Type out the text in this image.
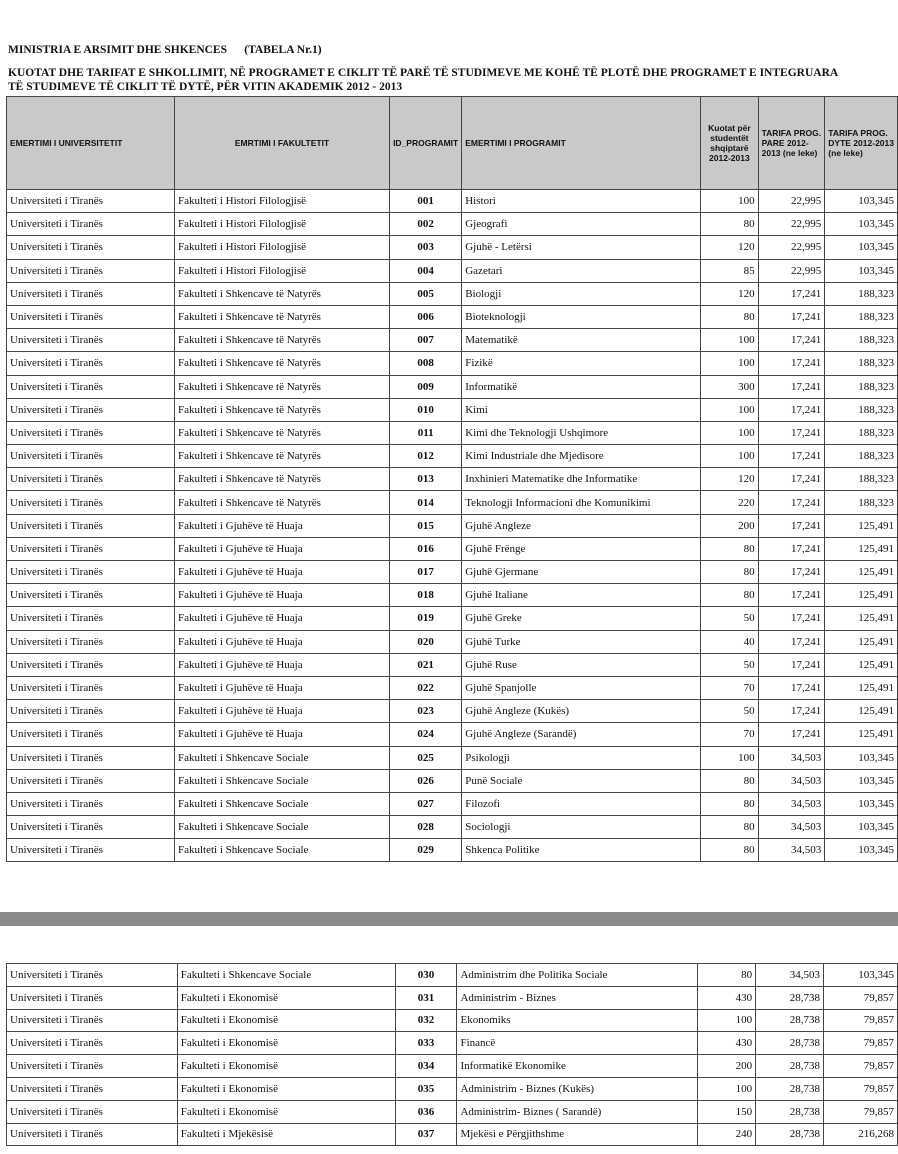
MINISTRIA E ARSIMIT DHE SHKENCES (TABELA Nr.1)
KUOTAT DHE TARIFAT E SHKOLLIMIT, NË PROGRAMET E CIKLIT TË PARË TË STUDIMEVE ME KOHË TË PLOTË DHE PROGRAMET E INTEGRUARA
TË STUDIMEVE TË CIKLIT TË DYTË, PËR VITIN AKADEMIK 2012 - 2013
EMERTIMI I UNIVERSITETIT	EMRTIMI I FAKULTETIT	ID_PROGRAMIT	EMERTIMI I PROGRAMIT	Kuotat për studentët shqiptarë 2012-2013	TARIFA PROG. PARE 2012-2013 (ne leke)	TARIFA PROG. DYTE 2012-2013 (ne leke)
Universiteti i Tiranës	Fakulteti i Histori Filologjisë	001	Histori	100	22,995	103,345
Universiteti i Tiranës	Fakulteti i Histori Filologjisë	002	Gjeografi	80	22,995	103,345
Universiteti i Tiranës	Fakulteti i Histori Filologjisë	003	Gjuhë - Letërsi	120	22,995	103,345
Universiteti i Tiranës	Fakulteti i Histori Filologjisë	004	Gazetari	85	22,995	103,345
Universiteti i Tiranës	Fakulteti i Shkencave të Natyrës	005	Biologji	120	17,241	188,323
Universiteti i Tiranës	Fakulteti i Shkencave të Natyrës	006	Bioteknologji	80	17,241	188,323
Universiteti i Tiranës	Fakulteti i Shkencave të Natyrës	007	Matematikë	100	17,241	188,323
Universiteti i Tiranës	Fakulteti i Shkencave të Natyrës	008	Fizikë	100	17,241	188,323
Universiteti i Tiranës	Fakulteti i Shkencave të Natyrës	009	Informatikë	300	17,241	188,323
Universiteti i Tiranës	Fakulteti i Shkencave të Natyrës	010	Kimi	100	17,241	188,323
Universiteti i Tiranës	Fakulteti i Shkencave të Natyrës	011	Kimi dhe Teknologji Ushqimore	100	17,241	188,323
Universiteti i Tiranës	Fakulteti i Shkencave të Natyrës	012	Kimi Industriale dhe Mjedisore	100	17,241	188,323
Universiteti i Tiranës	Fakulteti i Shkencave të Natyrës	013	Inxhinieri Matematike dhe Informatike	120	17,241	188,323
Universiteti i Tiranës	Fakulteti i Shkencave të Natyrës	014	Teknologji Informacioni dhe Komunikimi	220	17,241	188,323
Universiteti i Tiranës	Fakulteti i Gjuhëve të Huaja	015	Gjuhë Angleze	200	17,241	125,491
Universiteti i Tiranës	Fakulteti i Gjuhëve të Huaja	016	Gjuhë Frënge	80	17,241	125,491
Universiteti i Tiranës	Fakulteti i Gjuhëve të Huaja	017	Gjuhë Gjermane	80	17,241	125,491
Universiteti i Tiranës	Fakulteti i Gjuhëve të Huaja	018	Gjuhë Italiane	80	17,241	125,491
Universiteti i Tiranës	Fakulteti i Gjuhëve të Huaja	019	Gjuhë Greke	50	17,241	125,491
Universiteti i Tiranës	Fakulteti i Gjuhëve të Huaja	020	Gjuhë Turke	40	17,241	125,491
Universiteti i Tiranës	Fakulteti i Gjuhëve të Huaja	021	Gjuhë Ruse	50	17,241	125,491
Universiteti i Tiranës	Fakulteti i Gjuhëve të Huaja	022	Gjuhë Spanjolle	70	17,241	125,491
Universiteti i Tiranës	Fakulteti i Gjuhëve të Huaja	023	Gjuhë Angleze (Kukës)	50	17,241	125,491
Universiteti i Tiranës	Fakulteti i Gjuhëve të Huaja	024	Gjuhë Angleze (Sarandë)	70	17,241	125,491
Universiteti i Tiranës	Fakulteti i Shkencave Sociale	025	Psikologji	100	34,503	103,345
Universiteti i Tiranës	Fakulteti i Shkencave Sociale	026	Punë Sociale	80	34,503	103,345
Universiteti i Tiranës	Fakulteti i Shkencave Sociale	027	Filozofi	80	34,503	103,345
Universiteti i Tiranës	Fakulteti i Shkencave Sociale	028	Sociologji	80	34,503	103,345
Universiteti i Tiranës	Fakulteti i Shkencave Sociale	029	Shkenca Politike	80	34,503	103,345
Universiteti i Tiranës	Fakulteti i Shkencave Sociale	030	Administrim dhe Politika Sociale	80	34,503	103,345
Universiteti i Tiranës	Fakulteti i Ekonomisë	031	Administrim - Biznes	430	28,738	79,857
Universiteti i Tiranës	Fakulteti i Ekonomisë	032	Ekonomiks	100	28,738	79,857
Universiteti i Tiranës	Fakulteti i Ekonomisë	033	Financë	430	28,738	79,857
Universiteti i Tiranës	Fakulteti i Ekonomisë	034	Informatikë Ekonomike	200	28,738	79,857
Universiteti i Tiranës	Fakulteti i Ekonomisë	035	Administrim - Biznes (Kukës)	100	28,738	79,857
Universiteti i Tiranës	Fakulteti i Ekonomisë	036	Administrim- Biznes ( Sarandë)	150	28,738	79,857
Universiteti i Tiranës	Fakulteti i Mjekësisë	037	Mjekësi e Përgjithshme	240	28,738	216,268
